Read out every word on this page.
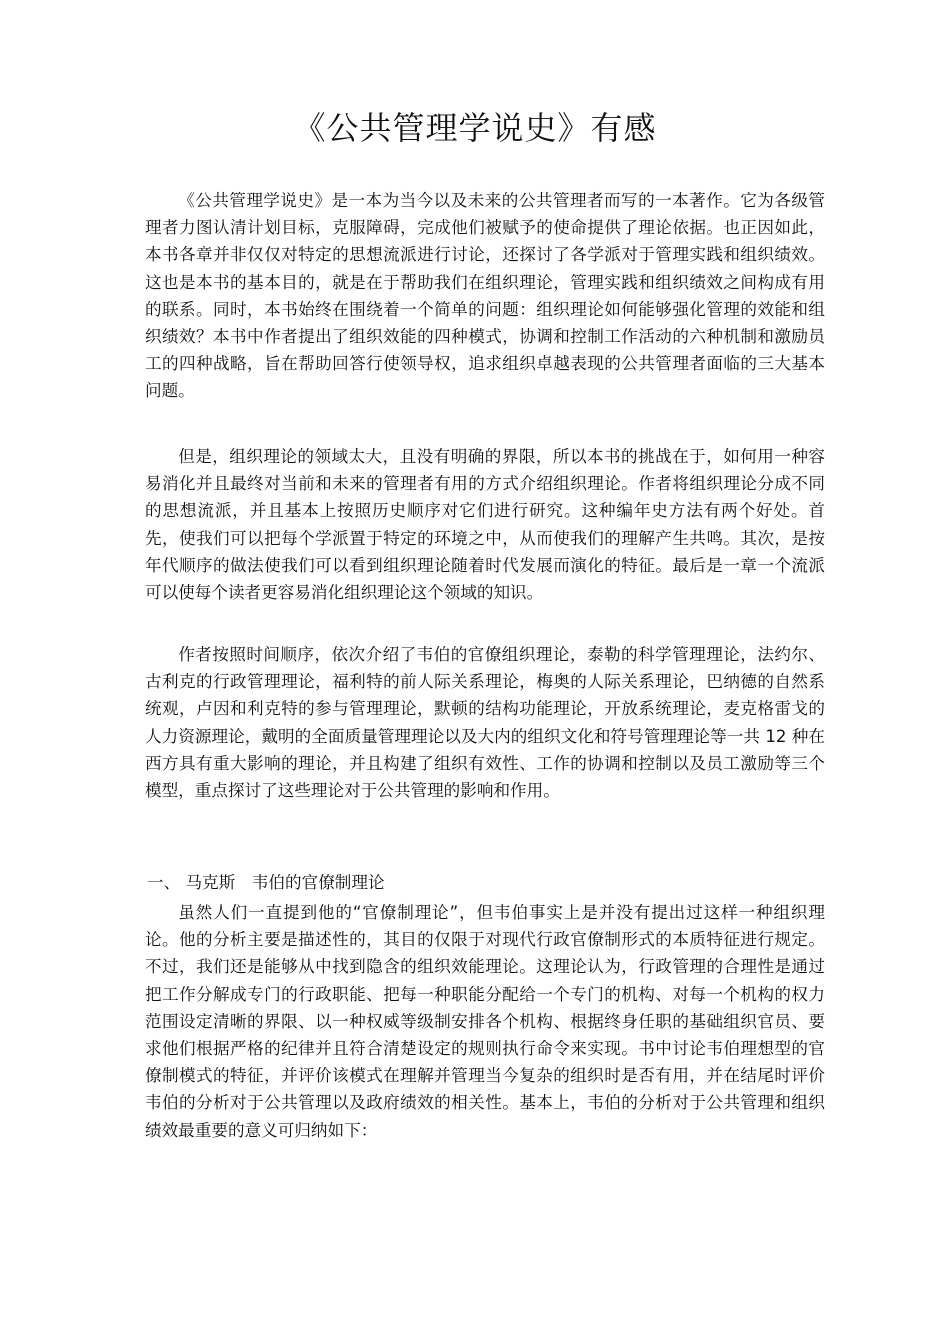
《公共管理学说史》有感

《公共管理学说史》是一本为当今以及未来的公共管理者而写的一本著作。它为各级管理者力图认清计划目标，克服障碍，完成他们被赋予的使命提供了理论依据。也正因如此，本书各章并非仅仅对特定的思想流派进行讨论，还探讨了各学派对于管理实践和组织绩效。这也是本书的基本目的，就是在于帮助我们在组织理论，管理实践和组织绩效之间构成有用的联系。同时，本书始终在围绕着一个简单的问题：组织理论如何能够强化管理的效能和组织绩效？本书中作者提出了组织效能的四种模式，协调和控制工作活动的六种机制和激励员工的四种战略，旨在帮助回答行使领导权，追求组织卓越表现的公共管理者面临的三大基本问题。

但是，组织理论的领域太大，且没有明确的界限，所以本书的挑战在于，如何用一种容易消化并且最终对当前和未来的管理者有用的方式介绍组织理论。作者将组织理论分成不同的思想流派，并且基本上按照历史顺序对它们进行研究。这种编年史方法有两个好处。首先，使我们可以把每个学派置于特定的环境之中，从而使我们的理解产生共鸣。其次，是按年代顺序的做法使我们可以看到组织理论随着时代发展而演化的特征。最后是一章一个流派可以使每个读者更容易消化组织理论这个领域的知识。

作者按照时间顺序，依次介绍了韦伯的官僚组织理论，泰勒的科学管理理论，法约尔、古利克的行政管理理论，福利特的前人际关系理论，梅奥的人际关系理论，巴纳德的自然系统观，卢因和利克特的参与管理理论，默顿的结构功能理论，开放系统理论，麦克格雷戈的人力资源理论，戴明的全面质量管理理论以及大内的组织文化和符号管理理论等一共 12 种在西方具有重大影响的理论，并且构建了组织有效性、工作的协调和控制以及员工激励等三个模型，重点探讨了这些理论对于公共管理的影响和作用。

一、 马克斯　韦伯的官僚制理论

虽然人们一直提到他的“官僚制理论”，但韦伯事实上是并没有提出过这样一种组织理论。他的分析主要是描述性的，其目的仅限于对现代行政官僚制形式的本质特征进行规定。不过，我们还是能够从中找到隐含的组织效能理论。这理论认为，行政管理的合理性是通过把工作分解成专门的行政职能、把每一种职能分配给一个专门的机构、对每一个机构的权力范围设定清晰的界限、以一种权威等级制安排各个机构、根据终身任职的基础组织官员、要求他们根据严格的纪律并且符合清楚设定的规则执行命令来实现。书中讨论韦伯理想型的官僚制模式的特征，并评价该模式在理解并管理当今复杂的组织时是否有用，并在结尾时评价韦伯的分析对于公共管理以及政府绩效的相关性。基本上，韦伯的分析对于公共管理和组织绩效最重要的意义可归纳如下：
